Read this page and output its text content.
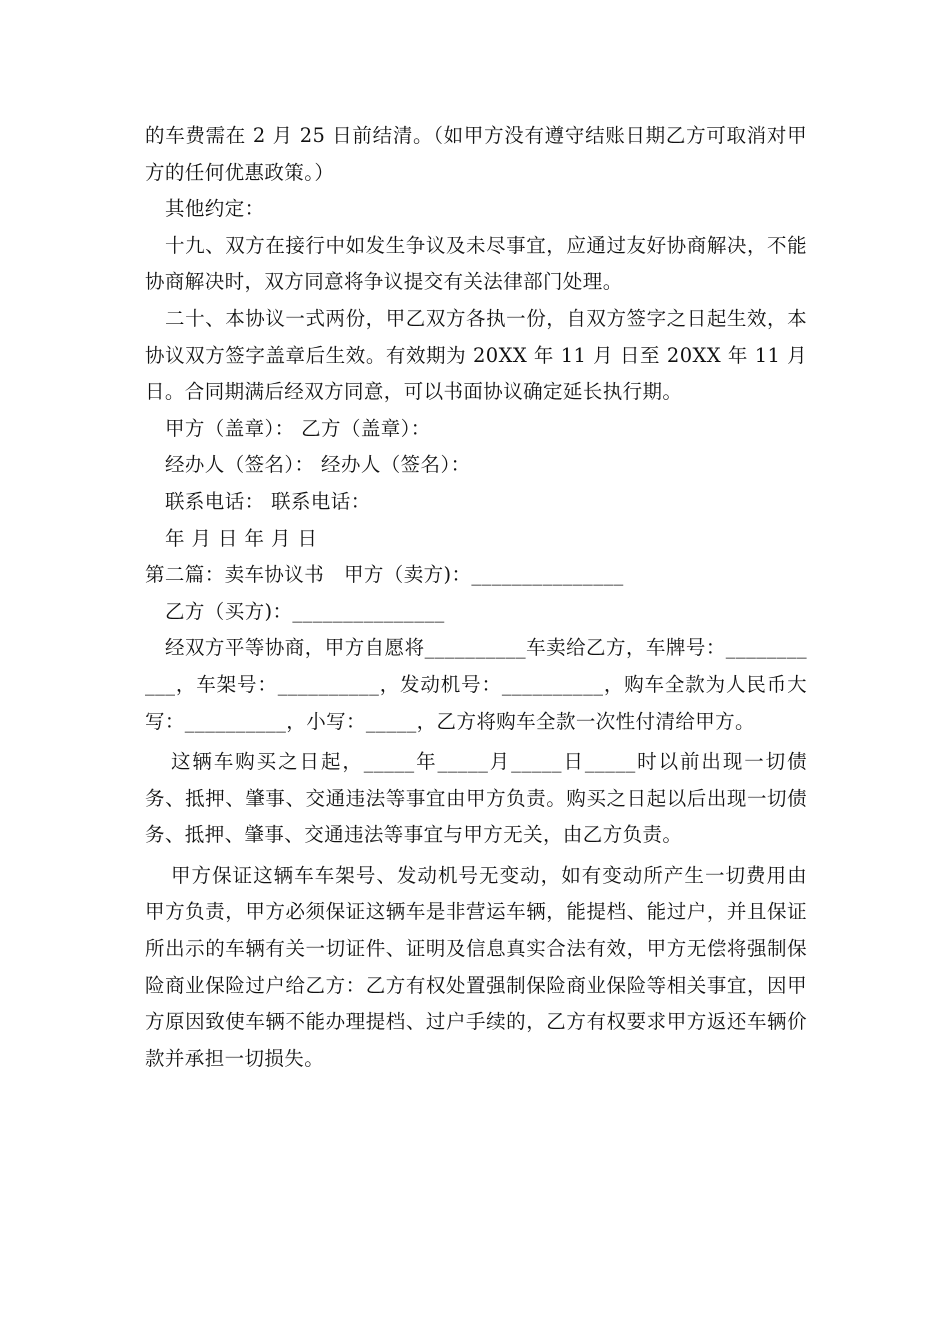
的车费需在 2 月 25 日前结清。（如甲方没有遵守结账日期乙方可取消对甲方的任何优惠政策。）

其他约定：

十九、双方在接行中如发生争议及未尽事宜，应通过友好协商解决，不能协商解决时，双方同意将争议提交有关法律部门处理。

二十、本协议一式两份，甲乙双方各执一份，自双方签字之日起生效，本协议双方签字盖章后生效。有效期为 20XX 年 11 月 日至 20XX 年 11 月 日。合同期满后经双方同意，可以书面协议确定延长执行期。

甲方（盖章）： 乙方（盖章）：

经办人（签名）： 经办人（签名）：

联系电话： 联系电话：

年 月 日 年 月 日

第二篇：卖车协议书　甲方（卖方)：_______________

乙方（买方)：_______________

经双方平等协商，甲方自愿将__________车卖给乙方，车牌号：___________，车架号：__________，发动机号：__________，购车全款为人民币大写：__________，小写：_____，乙方将购车全款一次性付清给甲方。

这辆车购买之日起，_____年_____月_____日_____时以前出现一切债务、抵押、肇事、交通违法等事宜由甲方负责。购买之日起以后出现一切债务、抵押、肇事、交通违法等事宜与甲方无关，由乙方负责。

甲方保证这辆车车架号、发动机号无变动，如有变动所产生一切费用由甲方负责，甲方必须保证这辆车是非营运车辆，能提档、能过户，并且保证所出示的车辆有关一切证件、证明及信息真实合法有效，甲方无偿将强制保险商业保险过户给乙方：乙方有权处置强制保险商业保险等相关事宜，因甲方原因致使车辆不能办理提档、过户手续的，乙方有权要求甲方返还车辆价款并承担一切损失。
